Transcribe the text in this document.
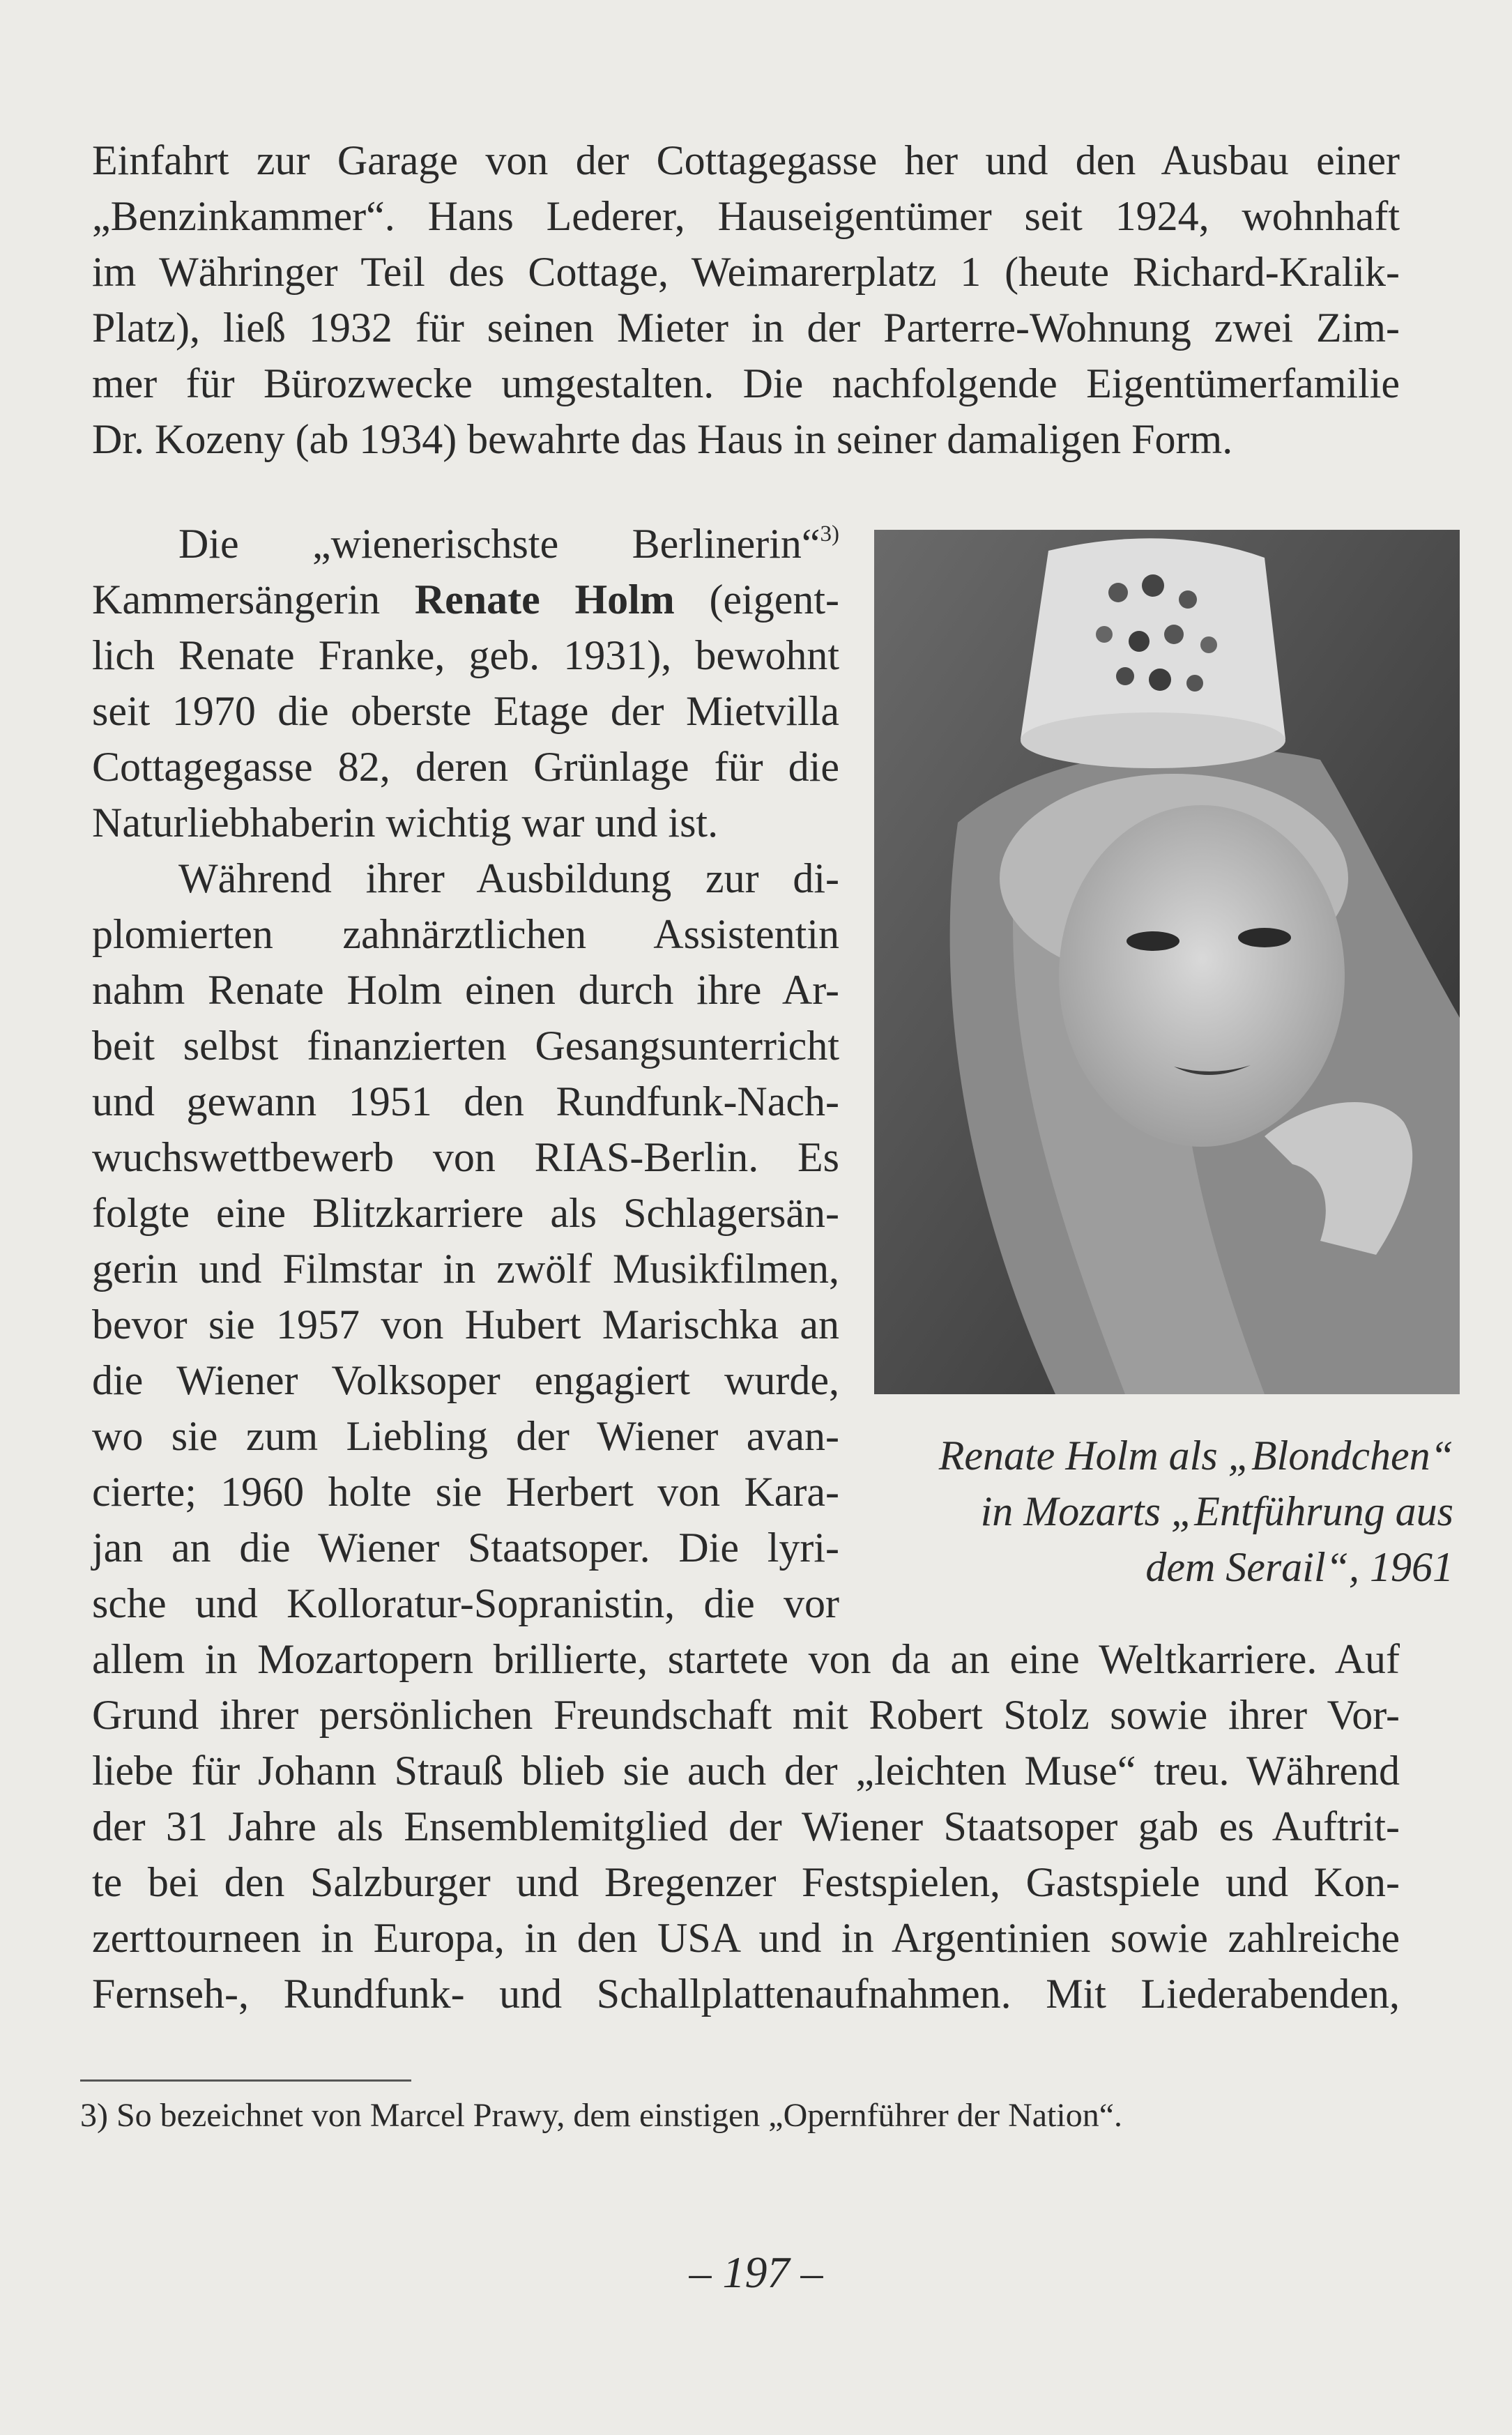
Einfahrt zur Garage von der Cottagegasse her und den Ausbau einer
„Benzinkammer“. Hans Lederer, Hauseigentümer seit 1924, wohnhaft
im Währinger Teil des Cottage, Weimarerplatz 1 (heute Richard-Kralik-
Platz), ließ 1932 für seinen Mieter in der Parterre-Wohnung zwei Zim-
mer für Bürozwecke umgestalten. Die nachfolgende Eigentümerfamilie
Dr. Kozeny (ab 1934) bewahrte das Haus in seiner damaligen Form.
Die „wienerischste Berlinerin“$^{3)}$
Kammersängerin Renate Holm (eigent-
lich Renate Franke, geb. 1931), bewohnt
seit 1970 die oberste Etage der Mietvilla
Cottagegasse 82, deren Grünlage für die
Naturliebhaberin wichtig war und ist.
Während ihrer Ausbildung zur di-
plomierten zahnärztlichen Assistentin
nahm Renate Holm einen durch ihre Ar-
beit selbst finanzierten Gesangsunterricht
und gewann 1951 den Rundfunk-Nach-
wuchswettbewerb von RIAS-Berlin. Es
folgte eine Blitzkarriere als Schlagersän-
gerin und Filmstar in zwölf Musikfilmen,
bevor sie 1957 von Hubert Marischka an
die Wiener Volksoper engagiert wurde,
wo sie zum Liebling der Wiener avan-
cierte; 1960 holte sie Herbert von Kara-
jan an die Wiener Staatsoper. Die lyri-
sche und Kolloratur-Sopranistin, die vor
allem in Mozartopern brillierte, startete von da an eine Weltkarriere. Auf
Grund ihrer persönlichen Freundschaft mit Robert Stolz sowie ihrer Vor-
liebe für Johann Strauß blieb sie auch der „leichten Muse“ treu. Während
der 31 Jahre als Ensemblemitglied der Wiener Staatsoper gab es Auftrit-
te bei den Salzburger und Bregenzer Festspielen, Gastspiele und Kon-
zerttourneen in Europa, in den USA und in Argentinien sowie zahlreiche
Fernseh-, Rundfunk- und Schallplattenaufnahmen. Mit Liederabenden,
Renate Holm als „Blondchen“
in Mozarts „Entführung aus
dem Serail“, 1961
3) So bezeichnet von Marcel Prawy, dem einstigen „Opernführer der Nation“.
– 197 –
